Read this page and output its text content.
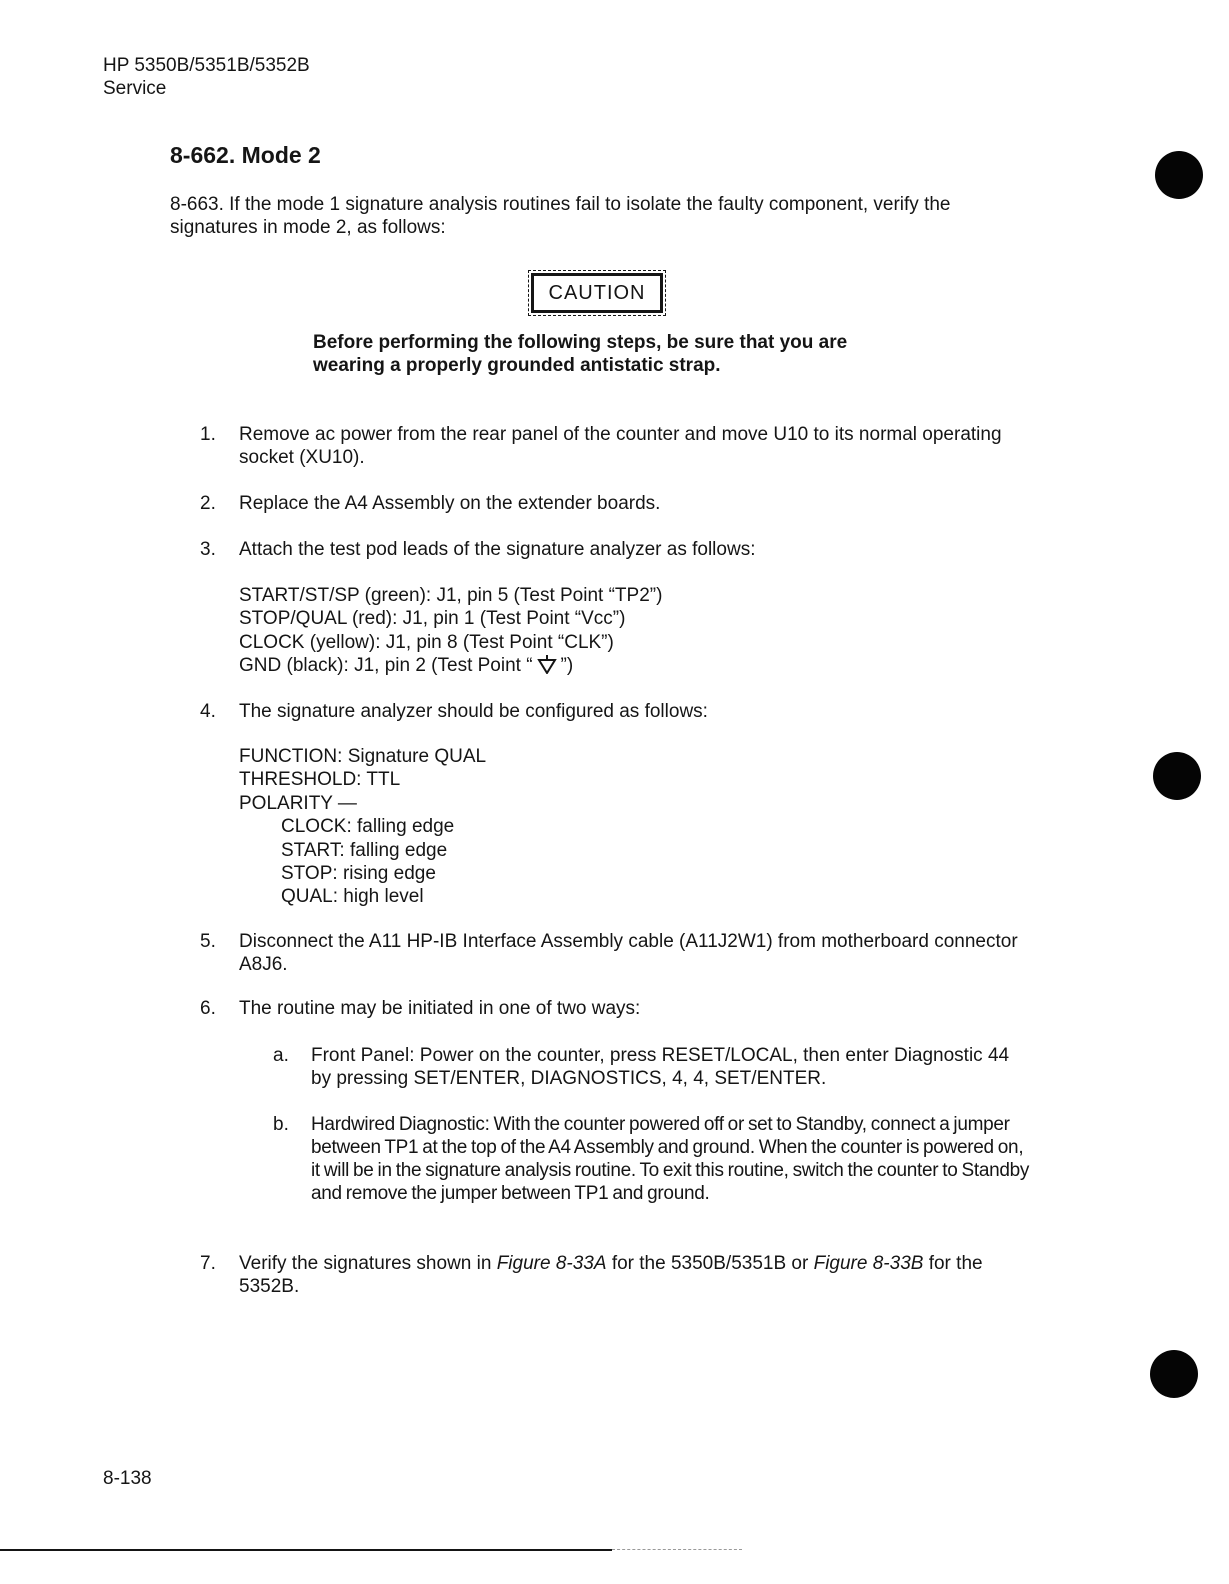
HP 5350B/5351B/5352B
Service
8-662. Mode 2

8-663. If the mode 1 signature analysis routines fail to isolate the faulty component, verify the signatures in mode 2, as follows:

CAUTION

Before performing the following steps, be sure that you are wearing a properly grounded antistatic strap.

1.	Remove ac power from the rear panel of the counter and move U10 to its normal operating socket (XU10).

2.	Replace the A4 Assembly on the extender boards.

3.	Attach the test pod leads of the signature analyzer as follows:

START/ST/SP (green): J1, pin 5 (Test Point “TP2”)
STOP/QUAL (red): J1, pin 1 (Test Point “Vcc”)
CLOCK (yellow): J1, pin 8 (Test Point “CLK”)
GND (black): J1, pin 2 (Test Point “ ”)
4.	The signature analyzer should be configured as follows:

FUNCTION: Signature QUAL
THRESHOLD: TTL
POLARITY —
CLOCK: falling edge
START: falling edge
STOP: rising edge
QUAL: high level
5.	Disconnect the A11 HP-IB Interface Assembly cable (A11J2W1) from motherboard connector A8J6.

6.	The routine may be initiated in one of two ways:

a.	Front Panel: Power on the counter, press RESET/LOCAL, then enter Diagnostic 44 by pressing SET/ENTER, DIAGNOSTICS, 4, 4, SET/ENTER.

b.	Hardwired Diagnostic: With the counter powered off or set to Standby, connect a jumper between TP1 at the top of the A4 Assembly and ground. When the counter is powered on, it will be in the signature analysis routine. To exit this routine, switch the counter to Standby and remove the jumper between TP1 and ground.

7.	Verify the signatures shown in Figure 8-33A for the 5350B/5351B or Figure 8-33B for the 5352B.

8-138
